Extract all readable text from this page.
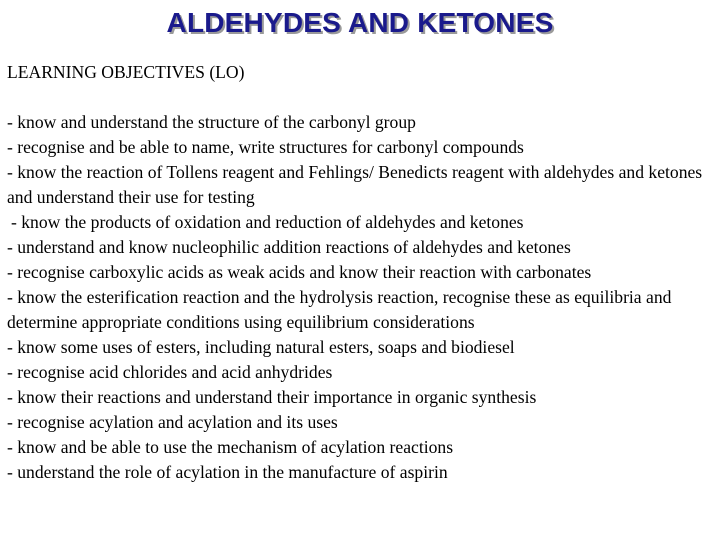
ALDEHYDES AND KETONES

LEARNING OBJECTIVES (LO)

- know and understand the structure of the carbonyl group
- recognise and be able to name, write structures for carbonyl compounds
- know the reaction of Tollens reagent and Fehlings/ Benedicts reagent with aldehydes and ketones and understand their use for testing
- know the products of oxidation and reduction of aldehydes and ketones
- understand and know nucleophilic addition reactions of aldehydes and ketones
- recognise carboxylic acids as weak acids and know their reaction with carbonates
- know the esterification reaction and the hydrolysis reaction, recognise these as equilibria and determine appropriate conditions using equilibrium considerations
- know some uses of esters, including natural esters, soaps and biodiesel
- recognise acid chlorides and acid anhydrides
- know their reactions and understand their importance in organic synthesis
- recognise acylation and acylation and its uses
- know and be able to use the mechanism of acylation reactions
- understand the role of acylation in the manufacture of aspirin
